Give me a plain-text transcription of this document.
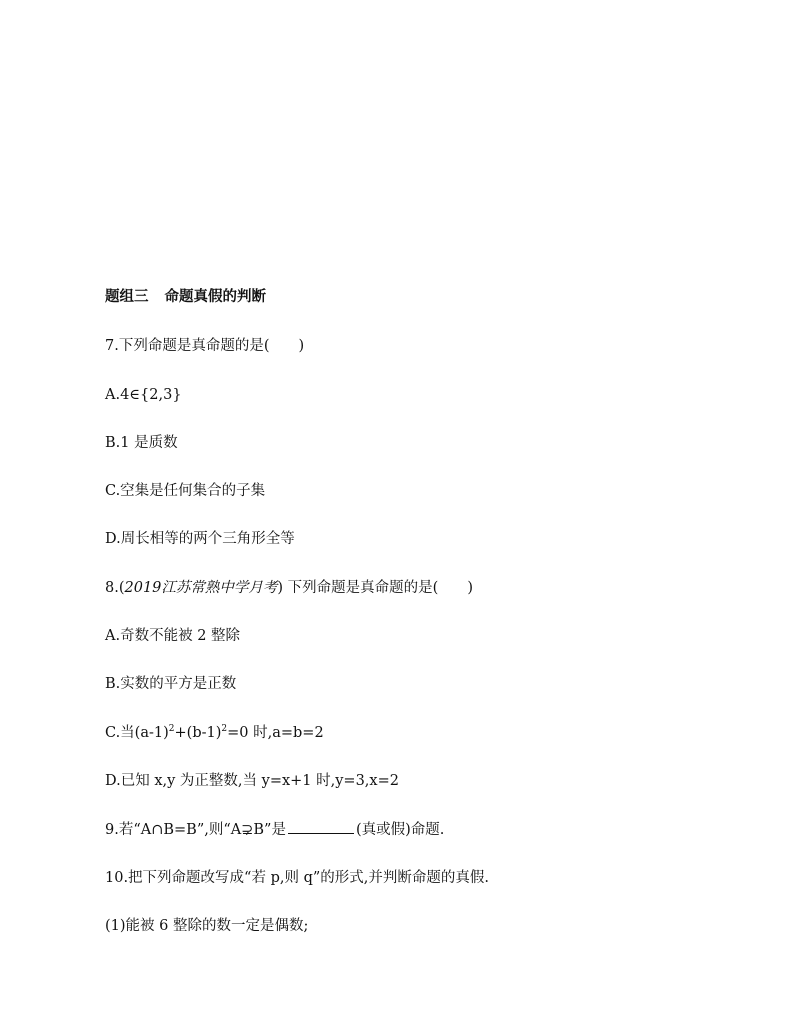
题组三 命题真假的判断
7.下列命题是真命题的是(　　)
A.4∈{2,3}
B.1 是质数
C.空集是任何集合的子集
D.周长相等的两个三角形全等
8.(2019江苏常熟中学月考) 下列命题是真命题的是(　　)
A.奇数不能被 2 整除
B.实数的平方是正数
C.当$(a-1)^2+(b-1)^2=0$ 时,a=b=2
D.已知 x,y 为正整数,当 y=x+1 时,y=3,x=2
9.若“A∩B=B”,则“A⊋B”是	(真或假)命题.
10.把下列命题改写成“若 p,则 q”的形式,并判断命题的真假.
(1)能被 6 整除的数一定是偶数;
